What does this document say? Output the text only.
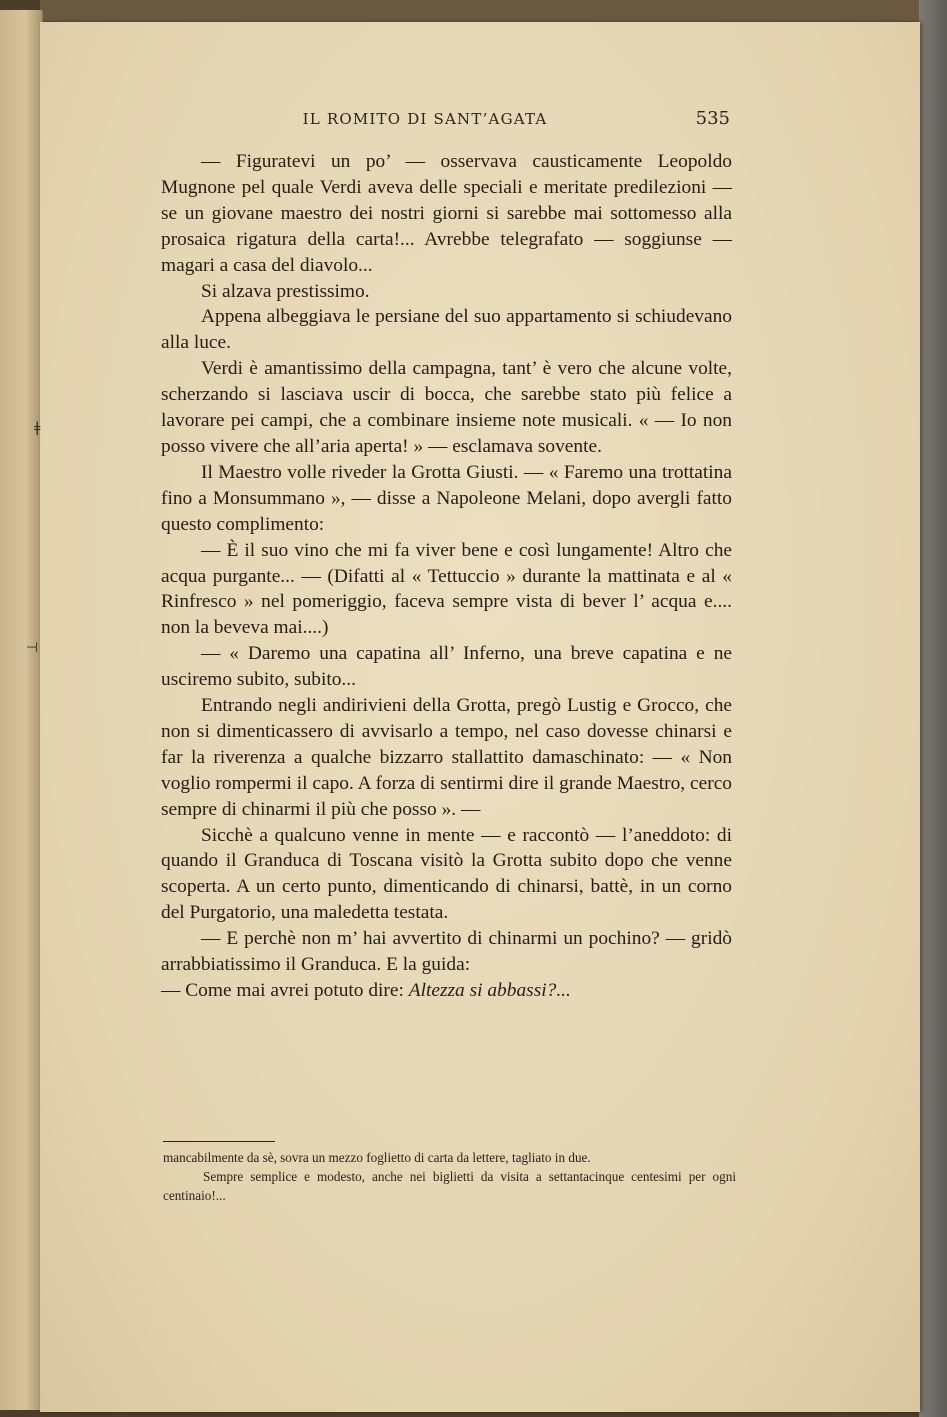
ǂ
⊣
IL ROMITO DI SANT’AGATA	535

— Figuratevi un po’ — osservava causticamente Leopoldo Mugnone pel quale Verdi aveva delle speciali e meritate predilezioni — se un giovane maestro dei nostri giorni si sarebbe mai sottomesso alla prosaica rigatura della carta!... Avrebbe telegrafato — soggiunse — magari a casa del diavolo...

Si alzava prestissimo.

Appena albeggiava le persiane del suo appartamento si schiudevano alla luce.

Verdi è amantissimo della campagna, tant’ è vero che alcune volte, scherzando si lasciava uscir di bocca, che sarebbe stato più felice a lavorare pei campi, che a combinare insieme note musicali. « — Io non posso vivere che all’aria aperta! » — esclamava sovente.

Il Maestro volle riveder la Grotta Giusti. — « Faremo una trottatina fino a Monsummano », — disse a Napoleone Melani, dopo avergli fatto questo complimento:

— È il suo vino che mi fa viver bene e così lungamente! Altro che acqua purgante... — (Difatti al « Tettuccio » durante la mattinata e al « Rinfresco » nel pomeriggio, faceva sempre vista di bever l’ acqua e.... non la beveva mai....)

— « Daremo una capatina all’ Inferno, una breve capatina e ne usciremo subito, subito...

Entrando negli andirivieni della Grotta, pregò Lustig e Grocco, che non si dimenticassero di avvisarlo a tempo, nel caso dovesse chinarsi e far la riverenza a qualche bizzarro stallattito damaschinato: — « Non voglio rompermi il capo. A forza di sentirmi dire il grande Maestro, cerco sempre di chinarmi il più che posso ». —

Sicchè a qualcuno venne in mente — e raccontò — l’aneddoto: di quando il Granduca di Toscana visitò la Grotta subito dopo che venne scoperta. A un certo punto, dimenticando di chinarsi, battè, in un corno del Purgatorio, una maledetta testata.

— E perchè non m’ hai avvertito di chinarmi un pochino? — gridò arrabbiatissimo il Granduca. E la guida:

— Come mai avrei potuto dire: Altezza si abbassi?...

mancabilmente da sè, sovra un mezzo foglietto di carta da lettere, tagliato in due.

Sempre semplice e modesto, anche nei biglietti da visita a settantacinque centesimi per ogni centinaio!...
